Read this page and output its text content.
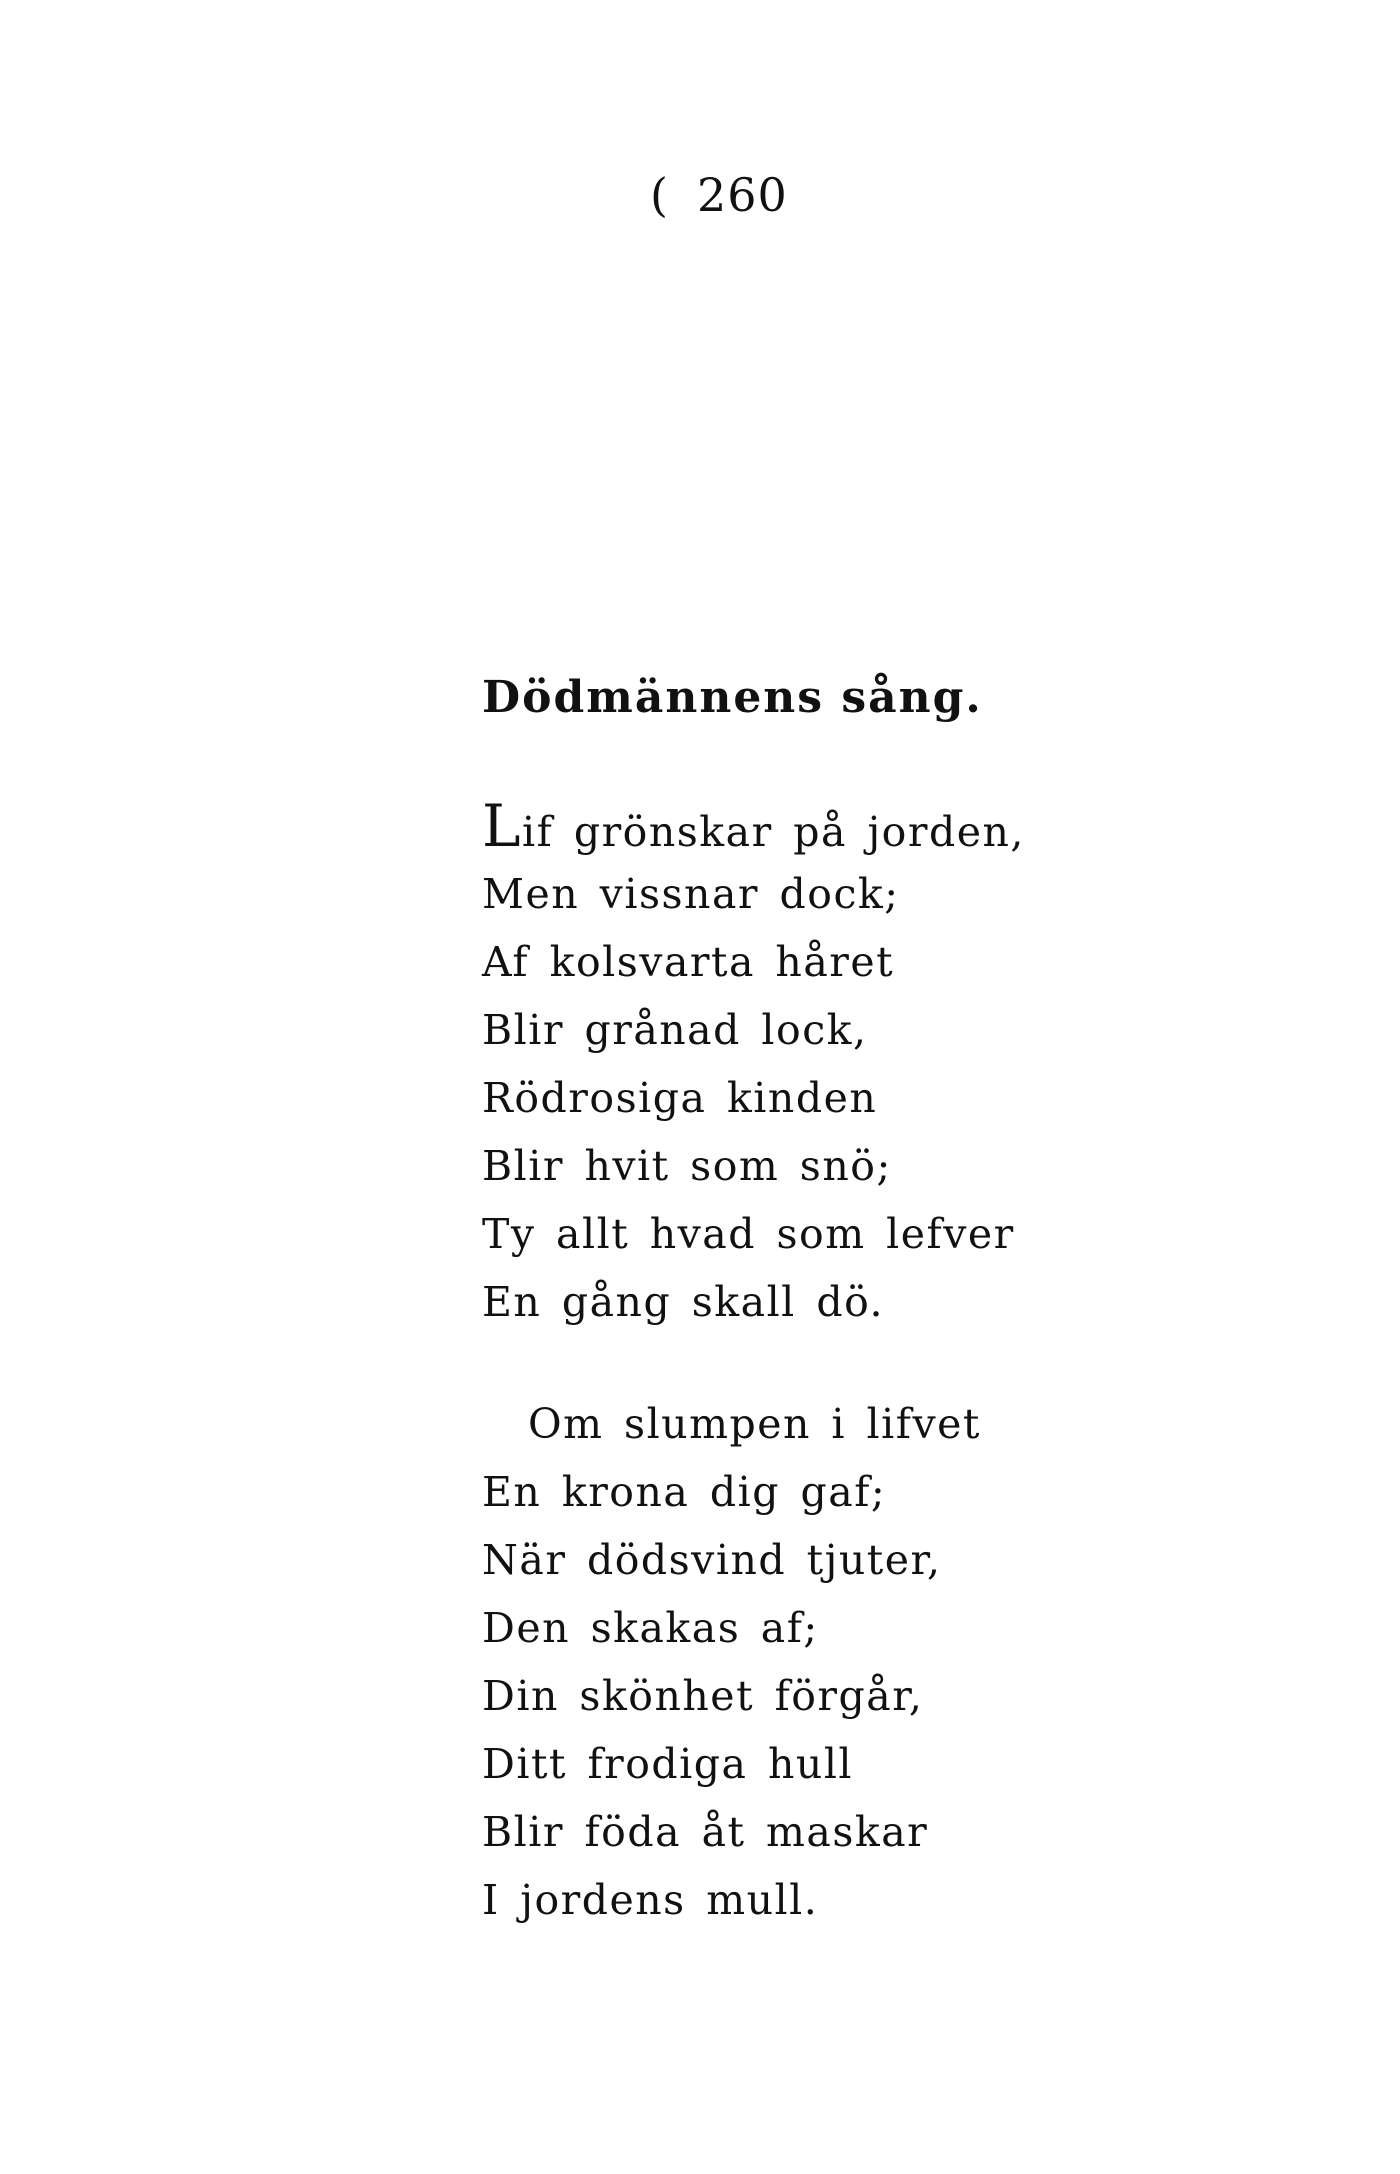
( 260
Dödmännens sång.
Lif grönskar på jorden,
Men vissnar dock;
Af kolsvarta håret
Blir grånad lock,
Rödrosiga kinden
Blir hvit som snö;
Ty allt hvad som lefver
En gång skall dö.
Om slumpen i lifvet
En krona dig gaf;
När dödsvind tjuter,
Den skakas af;
Din skönhet förgår,
Ditt frodiga hull
Blir föda åt maskar
I jordens mull.
